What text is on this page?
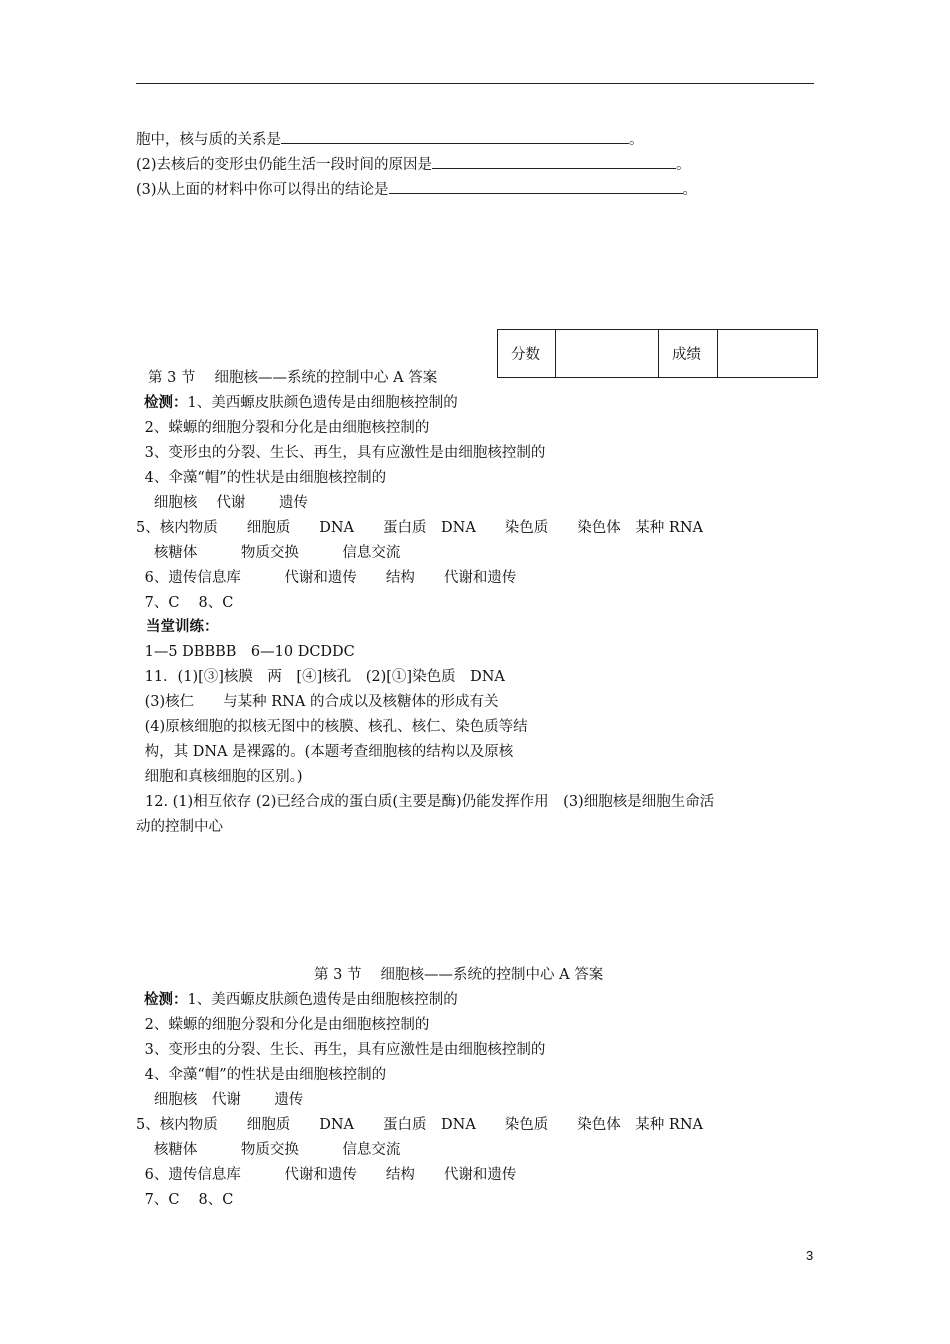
胞中，核与质的关系是	。
(2)去核后的变形虫仍能生活一段时间的原因是	。
(3)从上面的材料中你可以得出的结论是	。
分数		成绩	
第 3 节　 细胞核——系统的控制中心 A 答案
检测：1、美西螈皮肤颜色遗传是由细胞核控制的
2、蝾螈的细胞分裂和分化是由细胞核控制的
3、变形虫的分裂、生长、再生，具有应激性是由细胞核控制的
4、伞藻“帽”的性状是由细胞核控制的
细胞核　 代谢　　 遗传
5、核内物质　　细胞质　　DNA　　蛋白质　DNA　　染色质　　染色体　某种 RNA
核糖体　　　物质交换　　　信息交流
6、遗传信息库　　　代谢和遗传　　结构　　代谢和遗传
7、C　 8、C
当堂训练：
1—5 DBBBB　6—10 DCDDC
11．(1)[③]核膜　两　[④]核孔　(2)[①]染色质　DNA
(3)核仁　　与某种 RNA 的合成以及核糖体的形成有关
(4)原核细胞的拟核无图中的核膜、核孔、核仁、染色质等结
构，其 DNA 是裸露的。(本题考查细胞核的结构以及原核
细胞和真核细胞的区别。)
12. (1)相互依存 (2)已经合成的蛋白质(主要是酶)仍能发挥作用　(3)细胞核是细胞生命活
动的控制中心
第 3 节　 细胞核——系统的控制中心 A 答案
检测：1、美西螈皮肤颜色遗传是由细胞核控制的
2、蝾螈的细胞分裂和分化是由细胞核控制的
3、变形虫的分裂、生长、再生，具有应激性是由细胞核控制的
4、伞藻“帽”的性状是由细胞核控制的
细胞核　代谢　　 遗传
5、核内物质　　细胞质　　DNA　　蛋白质　DNA　　染色质　　染色体　某种 RNA
核糖体　　　物质交换　　　信息交流
6、遗传信息库　　　代谢和遗传　　结构　　代谢和遗传
7、C　 8、C
3
